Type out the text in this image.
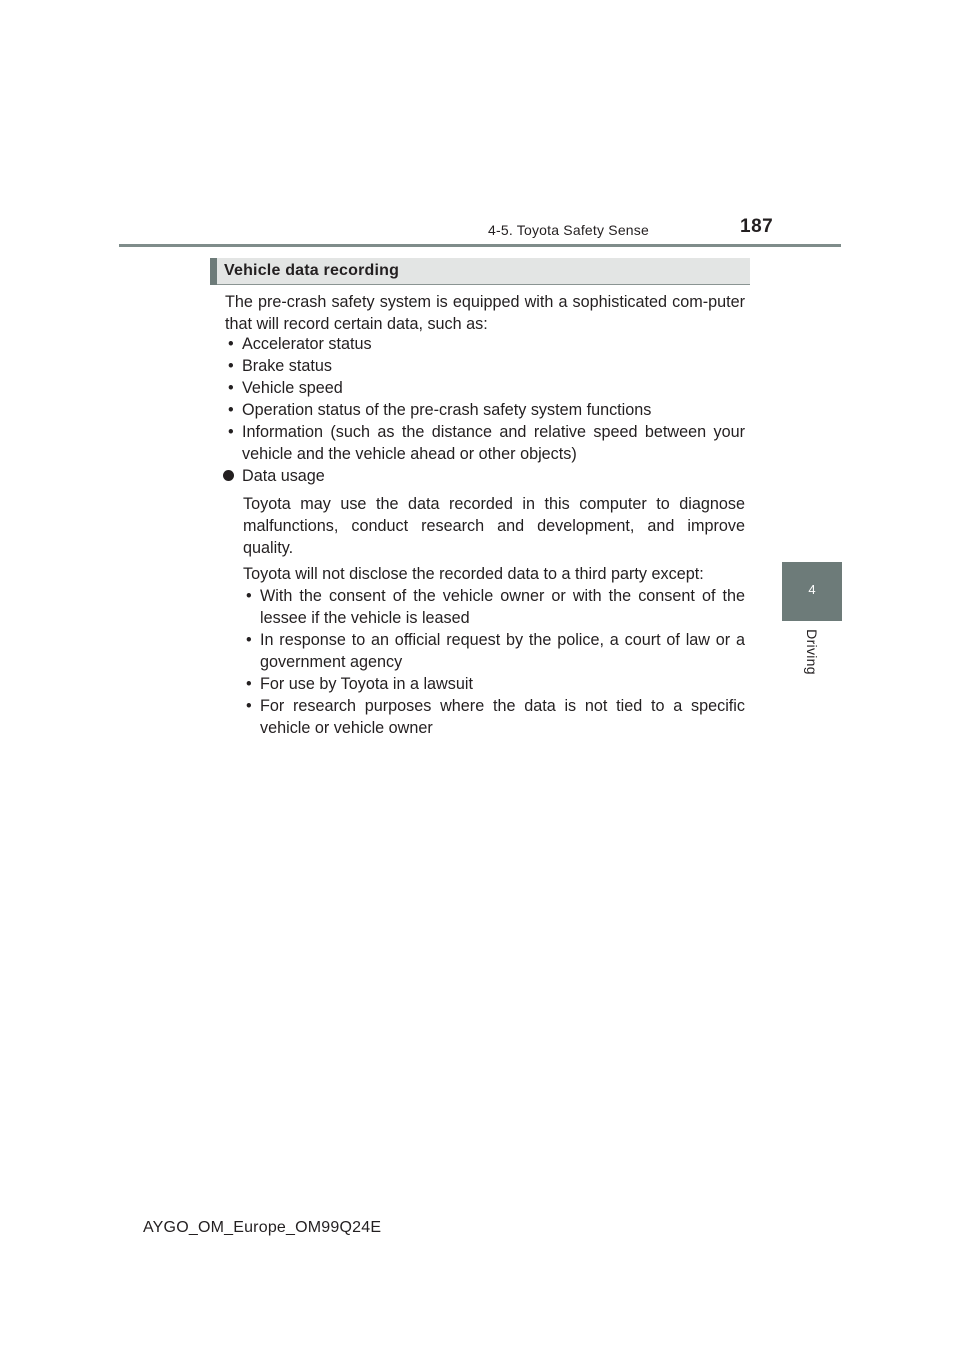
4-5. Toyota Safety Sense	187
4
Driving
Vehicle data recording
The pre-crash safety system is equipped with a sophisticated com-puter that will record certain data, such as:
• Accelerator status
• Brake status
• Vehicle speed
• Operation status of the pre-crash safety system functions
• Information (such as the distance and relative speed between your vehicle and the vehicle ahead or other objects)
Data usage
Toyota may use the data recorded in this computer to diagnose malfunctions, conduct research and development, and improve quality.
Toyota will not disclose the recorded data to a third party except:
• With the consent of the vehicle owner or with the consent of the lessee if the vehicle is leased
• In response to an official request by the police, a court of law or a government agency
• For use by Toyota in a lawsuit
• For research purposes where the data is not tied to a specific vehicle or vehicle owner
AYGO_OM_Europe_OM99Q24E
